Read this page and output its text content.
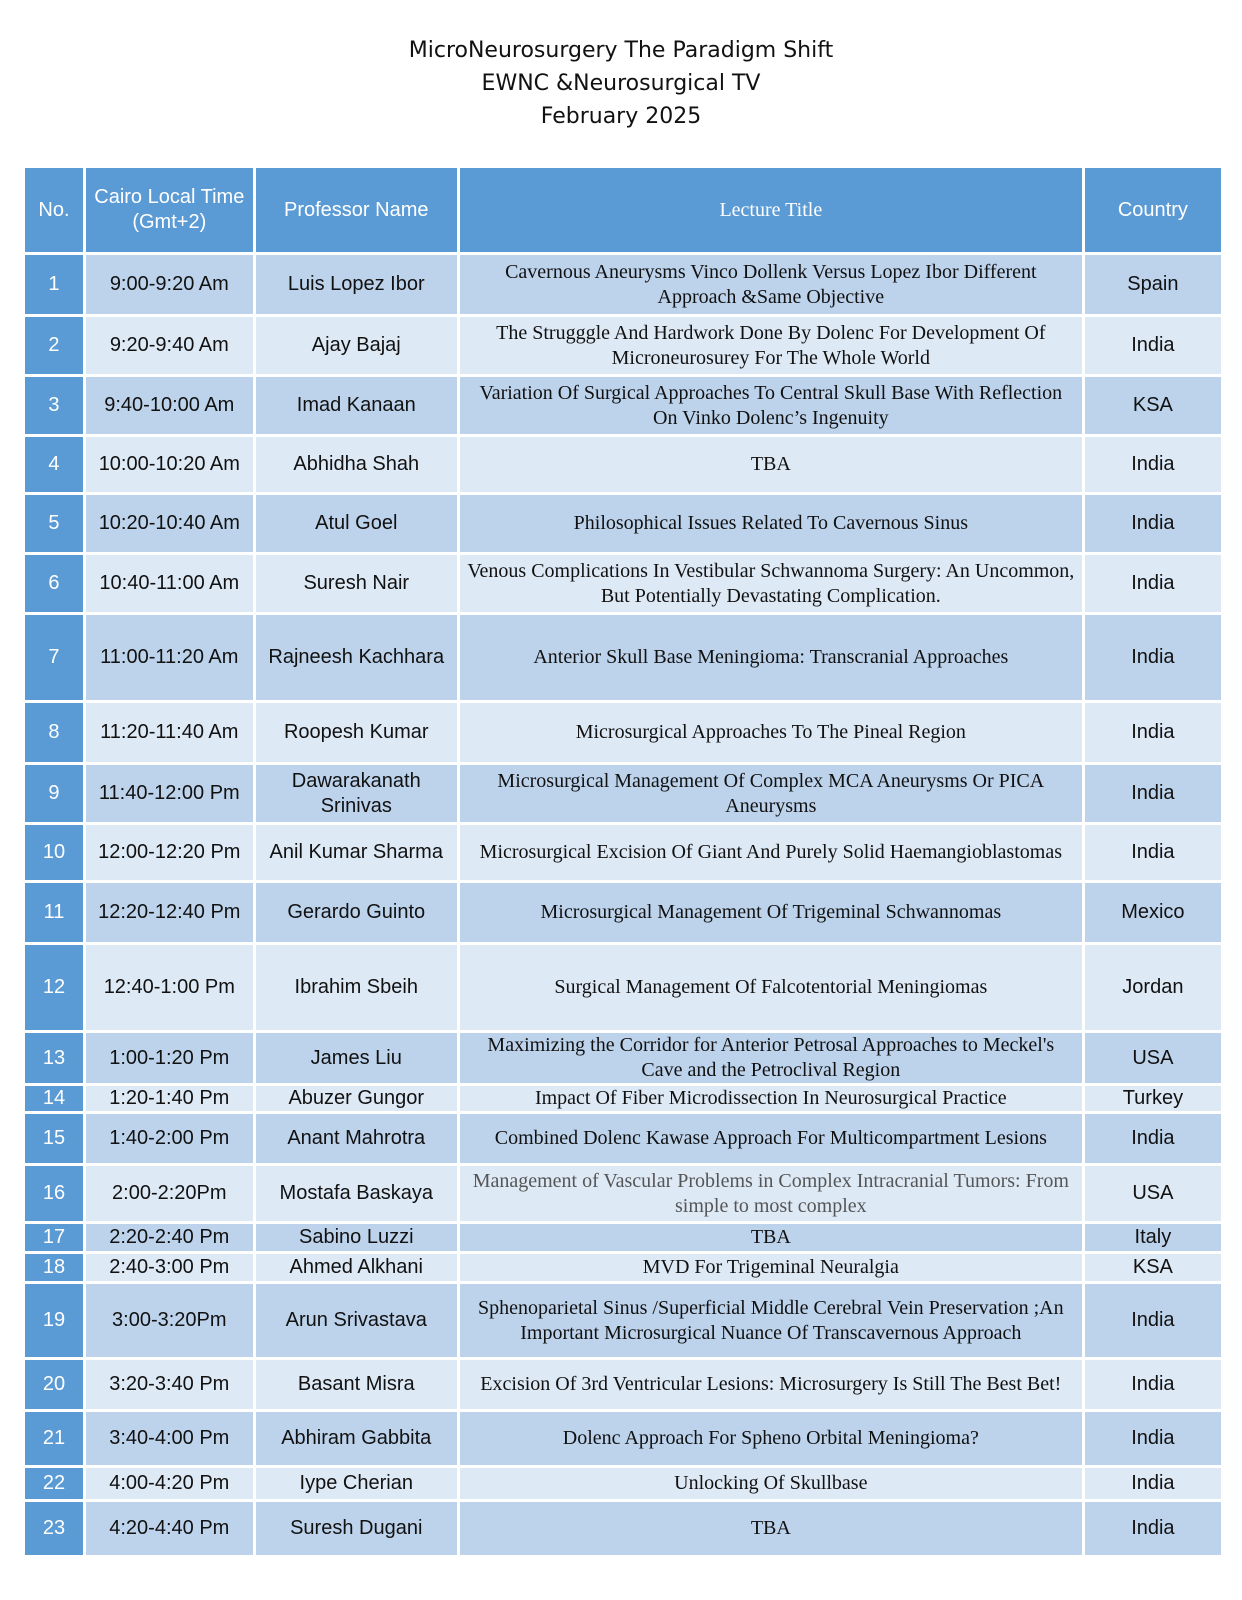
MicroNeurosurgery The Paradigm Shift
EWNC &Neurosurgical TV
February 2025
No.	Cairo Local Time (Gmt+2)	Professor Name	Lecture Title	Country
1	9:00-9:20 Am	Luis Lopez Ibor	Cavernous Aneurysms Vinco Dollenk Versus Lopez Ibor Different Approach &Same Objective	Spain
2	9:20-9:40 Am	Ajay Bajaj	The Strugggle And Hardwork Done By Dolenc For Development Of Microneurosurey For The Whole World	India
3	9:40-10:00 Am	Imad Kanaan	Variation Of Surgical Approaches To Central Skull Base With Reflection On Vinko Dolenc’s Ingenuity	KSA
4	10:00-10:20 Am	Abhidha Shah	TBA	India
5	10:20-10:40 Am	Atul Goel	Philosophical Issues Related To Cavernous Sinus	India
6	10:40-11:00 Am	Suresh Nair	Venous Complications In Vestibular Schwannoma Surgery: An Uncommon, But Potentially Devastating Complication.	India
7	11:00-11:20 Am	Rajneesh Kachhara	Anterior Skull Base Meningioma: Transcranial Approaches	India
8	11:20-11:40 Am	Roopesh Kumar	Microsurgical Approaches To The Pineal Region	India
9	11:40-12:00 Pm	Dawarakanath Srinivas	Microsurgical Management Of Complex MCA Aneurysms Or PICA Aneurysms	India
10	12:00-12:20 Pm	Anil Kumar Sharma	Microsurgical Excision Of Giant And Purely Solid Haemangioblastomas	India
11	12:20-12:40 Pm	Gerardo Guinto	Microsurgical Management Of Trigeminal Schwannomas	Mexico
12	12:40-1:00 Pm	Ibrahim Sbeih	Surgical Management Of Falcotentorial Meningiomas	Jordan
13	1:00-1:20 Pm	James Liu	Maximizing the Corridor for Anterior Petrosal Approaches to Meckel's Cave and the Petroclival Region	USA
14	1:20-1:40 Pm	Abuzer Gungor	Impact Of Fiber Microdissection In Neurosurgical Practice	Turkey
15	1:40-2:00 Pm	Anant Mahrotra	Combined Dolenc Kawase Approach For Multicompartment Lesions	India
16	2:00-2:20Pm	Mostafa Baskaya	Management of Vascular Problems in Complex Intracranial Tumors: From simple to most complex	USA
17	2:20-2:40 Pm	Sabino Luzzi	TBA	Italy
18	2:40-3:00 Pm	Ahmed Alkhani	MVD For Trigeminal Neuralgia	KSA
19	3:00-3:20Pm	Arun Srivastava	Sphenoparietal Sinus /Superficial Middle Cerebral Vein Preservation ;An Important Microsurgical Nuance Of Transcavernous Approach	India
20	3:20-3:40 Pm	Basant Misra	Excision Of 3rd Ventricular Lesions: Microsurgery Is Still The Best Bet!	India
21	3:40-4:00 Pm	Abhiram Gabbita	Dolenc Approach For Spheno Orbital Meningioma?	India
22	4:00-4:20 Pm	Iype Cherian	Unlocking Of Skullbase	India
23	4:20-4:40 Pm	Suresh Dugani	TBA	India
